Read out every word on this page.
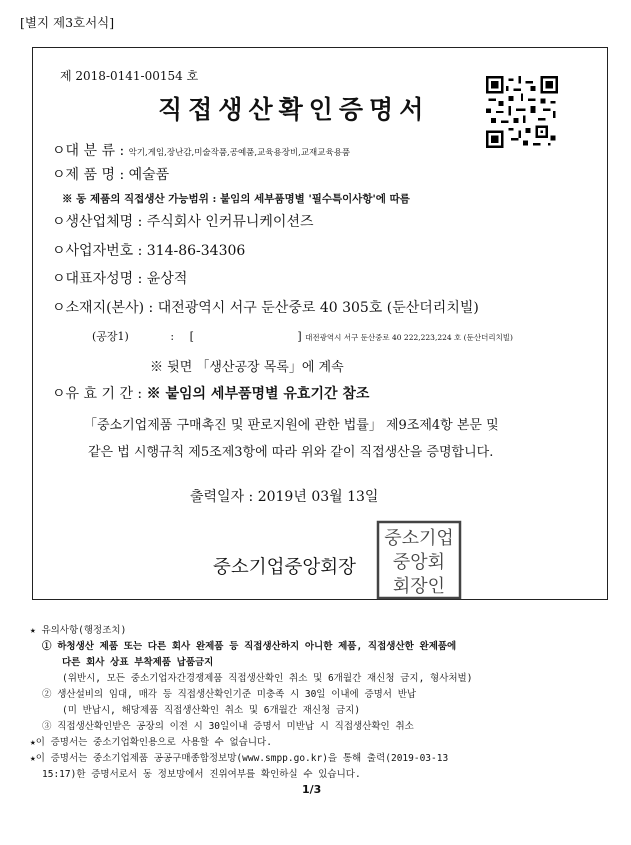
[별지 제3호서식]
제 2018-0141-00154 호
직접생산확인증명서
ㅇ대 분 류 : 악기,게임,장난감,미술작품,공예품,교육용장비,교재교육용품
ㅇ제 품 명 : 예술품
※ 동 제품의 직접생산 가능범위 : 붙임의 세부품명별 '필수특이사항'에 따름
ㅇ생산업체명 : 주식회사 인커뮤니케이션즈
ㅇ사업자번호 : 314-86-34306
ㅇ대표자성명 : 윤상적
ㅇ소재지(본사) : 대전광역시 서구 둔산중로 40 305호 (둔산더리치빌)
(공장1)	: [	] 대전광역시 서구 둔산중로 40 222,223,224 호 (둔산더리치빌)
※ 뒷면 「생산공장 목록」에 계속
ㅇ유 효 기 간 : ※ 붙임의 세부품명별 유효기간 참조
「중소기업제품 구매촉진 및 판로지원에 관한 법률」 제9조제4항 본문 및
같은 법 시행규칙 제5조제3항에 따라 위와 같이 직접생산을 증명합니다.
출력일자 : 2019년 03월 13일
중소기업
중앙회
회장인
중소기업중앙회장
★ 유의사항(행정조치)
① 하청생산 제품 또는 다른 회사 완제품 등 직접생산하지 아니한 제품, 직접생산한 완제품에
다른 회사 상표 부착제품 납품금지
(위반시, 모든 중소기업자간경쟁제품 직접생산확인 취소 및 6개월간 재신청 금지, 형사처벌)
② 생산설비의 임대, 매각 등 직접생산확인기준 미충족 시 30일 이내에 증명서 반납
(미 반납시, 해당제품 직접생산확인 취소 및 6개월간 재신청 금지)
③ 직접생산확인받은 공장의 이전 시 30일이내 증명서 미반납 시 직접생산확인 취소
★이 증명서는 중소기업확인용으로 사용할 수 없습니다.
★이 증명서는 중소기업제품 공공구매종합정보망(www.smpp.go.kr)을 통해 출력(2019-03-13
15:17)한 증명서로서 동 정보망에서 진위여부를 확인하실 수 있습니다.
1/3
